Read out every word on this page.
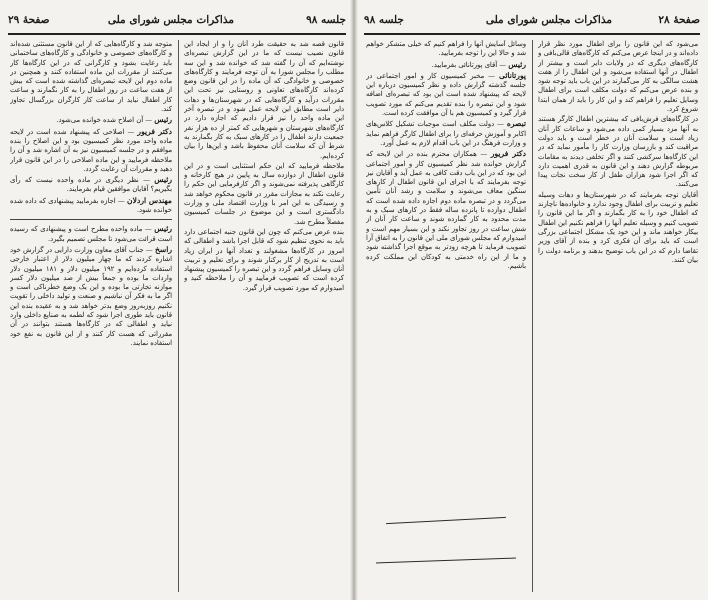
جلسه ۹۸
مذاکرات مجلس شورای ملی
صفحهٔ ۲۹

قانون قصه شد به حقیقت طرد آنان را و از ایجاد این قانون نصیب نیست که ما در این گزارش تبصره‌ای نوشته‌ایم که آن را گفته شد که خوانده شد و این سه مطلب را مجلس شورا به آن توجه فرمایند و کارگاه‌های خصوصی و خانوادگی که آن ماده را در این قانون وضع کرده‌اند کارگاه‌های تعاونی و روستایی نیز تحت این مقررات درآید و کارگاه‌هایی که در شهرستان‌ها و دهات دایر است مطابق این لایحه عمل شود و در تبصره آخر این ماده واحد را نیز قرار دادیم که اجازه دارد در کارگاه‌های شهرستان و شهرهایی که کمتر از ده هزار نفر جمعیت دارند اطفال را در کارهای سبک به کار بگمارند به شرط آن که سلامت آنان محفوظ باشد و این‌ها را بیان کرده‌ایم.

ملاحظه فرمایید که این حکم استثنایی است و در این قانون اطفال از دوازده سال به پایین در هیچ کارخانه و کارگاهی پذیرفته نمی‌شوند و اگر کارفرمایی این حکم را رعایت نکند به مجازات مقرر در قانون محکوم خواهد شد و رسیدگی به این امر با وزارت اقتصاد ملی و وزارت دادگستری است و این موضوع در جلسات کمیسیون مفصلاً مطرح شد.

بنده عرض می‌کنم که چون این قانون جنبه اجتماعی دارد باید به نحوی تنظیم شود که قابل اجرا باشد و اطفالی که امروز در کارگاه‌ها مشغولند و تعداد آنها در ایران زیاد است به تدریج از کار برکنار شوند و برای تعلیم و تربیت آنان وسایل فراهم گردد و این تبصره را کمیسیون پیشنهاد کرده است که تصویب فرمایید و آن را ملاحظه کنید و امیدوارم که مورد تصویب قرار گیرد.

متوجه شد و کارگاه‌هایی که از این قانون مستثنی شده‌اند و کارگاه‌های خصوصی و خانوادگی و کارگاه‌های ساختمانی باید رعایت بشود و کارگرانی که در این کارگاه‌ها کار می‌کنند از مقررات این ماده استفاده کنند و همچنین در ماده دوم این لایحه تبصره‌ای گذاشته شده است که بیش از هفت ساعت در روز اطفال را به کار نگمارند و ساعت کار اطفال نباید از ساعت کار کارگران بزرگسال تجاوز کند.

رئیس — آن اصلاح شده خوانده می‌شود.

دکتر فریور — اصلاحی که پیشنهاد شده است در لایحه ماده واحد مورد نظر کمیسیون بود و این اصلاح را بنده موافقم و در جلسه کمیسیون نیز به آن اشاره شد و آن را ملاحظه فرمایید و این ماده اصلاحی را در این قانون قرار دهید و مقررات آن رعایت گردد.

رئیس — نظر دیگری در ماده واحده نیست که رأی بگیریم؟ آقایان موافقین قیام بفرمایند.

مهندس اردلان — اجازه بفرمایید پیشنهادی که داده شده خوانده شود.

رئیس — ماده واحده مطرح است و پیشنهادی که رسیده است قرائت می‌شود تا مجلس تصمیم بگیرد.

راسخ — جناب آقای معاون وزارت دارایی در گزارش خود اشاره کردند که ما چهار میلیون دلار از اعتبار خارجی استفاده کرده‌ایم و ۱۹۲ میلیون دلار و ۱۸۱ میلیون دلار واردات ما بوده و جمعاً بیش از صد میلیون دلار کسر موازنه تجارتی ما بوده و این یک وضع خطرناکی است و اگر ما به فکر آن نباشیم و صنعت و تولید داخلی را تقویت نکنیم روزبه‌روز وضع بدتر خواهد شد و به عقیده بنده این قانون باید طوری اجرا شود که لطمه به صنایع داخلی وارد نیاید و اطفالی که در کارگاه‌ها هستند بتوانند در آن مقرراتی که هست کار کنند و از این قانون به نفع خود استفاده نمایند.

صفحهٔ ۲۸
مذاکرات مجلس شورای ملی
جلسه ۹۸

می‌شود که این قانون را برای اطفال مورد نظر قرار داده‌اند و در اینجا عرض می‌کنم که کارگاه‌های قالی‌بافی و کارگاه‌های دیگری که در ولایات دایر است و بیشتر از اطفال در آنها استفاده می‌شود و این اطفال را از هفت هشت سالگی به کار می‌گمارند در این باب باید توجه شود و بنده عرض می‌کنم که دولت مکلف است برای اطفال وسایل تعلیم را فراهم کند و این کار را باید از همان ابتدا شروع کرد.

در کارگاه‌های فرش‌بافی که بیشترین اطفال کارگر هستند به آنها مزد بسیار کمی داده می‌شود و ساعات کار آنان زیاد است و سلامت آنان در خطر است و باید دولت مراقبت کند و بازرسان وزارت کار را مأمور نماید که در این کارگاه‌ها سرکشی کنند و اگر تخلفی دیدند به مقامات مربوطه گزارش دهند و این قانون به قدری اهمیت دارد که اگر اجرا شود هزاران طفل از کار سخت نجات پیدا می‌کنند.

آقایان توجه بفرمایند که در شهرستان‌ها و دهات وسیله تعلیم و تربیت برای اطفال وجود ندارد و خانواده‌ها ناچارند که اطفال خود را به کار بگمارند و اگر ما این قانون را تصویب کنیم و وسیله تعلیم آنها را فراهم نکنیم این اطفال بیکار خواهند ماند و این خود یک مشکل اجتماعی بزرگی است که باید برای آن فکری کرد و بنده از آقای وزیر تقاضا دارم که در این باب توضیح بدهند و برنامه دولت را بیان کنند.

وسائل آسایش آنها را فراهم کنیم که خیلی متشکر خواهم شد و حالا این را توجه بفرمایید.

رئیس — آقای پورتانائی بفرمایید.

پورتانائی — مخبر کمیسیون کار و امور اجتماعی در جلسه گذشته گزارش داده و نظر کمیسیون درباره این لایحه که پیشنهاد شده است این بود که تبصره‌ای اضافه شود و این تبصره را بنده تقدیم می‌کنم که مورد تصویب قرار گیرد و کمیسیون هم با آن موافقت کرده است.

تبصره — دولت مکلف است موجبات تشکیل کلاس‌های اکابر و آموزش حرفه‌ای را برای اطفال کارگر فراهم نماید و وزارت فرهنگ در این باب اقدام لازم به عمل آورد.

دکتر فریور — همکاران محترم بنده در این لایحه که گزارش خوانده شد نظر کمیسیون کار و امور اجتماعی این بود که در این باب دقت کافی به عمل آید و آقایان نیز توجه بفرمایند که با اجرای این قانون اطفال از کارهای سنگین معاف می‌شوند و سلامت و رشد آنان تأمین می‌گردد و در تبصره ماده دوم اجازه داده شده است که اطفال دوازده تا پانزده ساله فقط در کارهای سبک و به مدت محدود به کار گمارده شوند و ساعت کار آنان از شش ساعت در روز تجاوز نکند و این بسیار مهم است و امیدوارم که مجلس شورای ملی این قانون را به اتفاق آرا تصویب فرماید تا هرچه زودتر به موقع اجرا گذاشته شود و ما از این راه خدمتی به کودکان این مملکت کرده باشیم.
